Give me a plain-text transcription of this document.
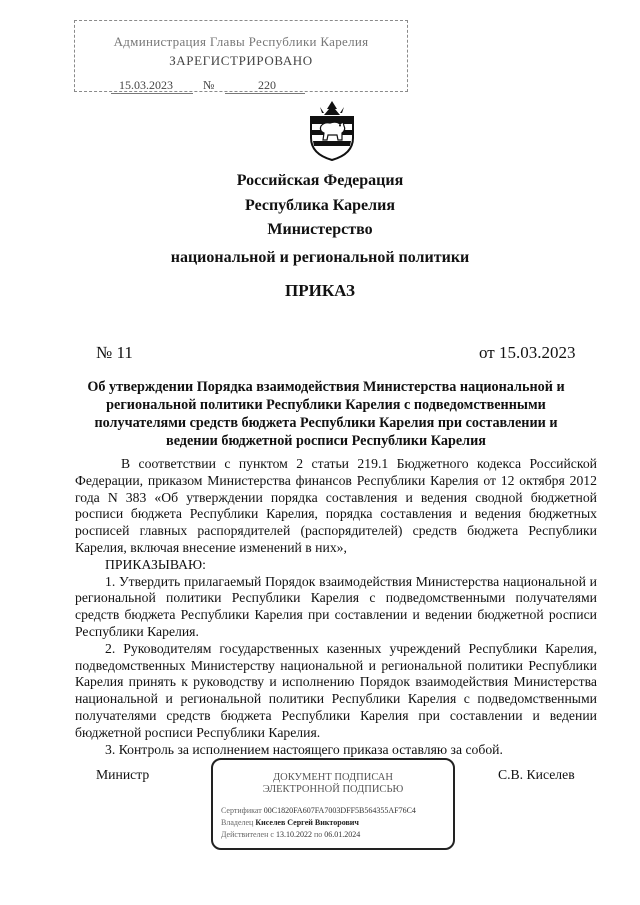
Администрация Главы Республики Карелия
ЗАРЕГИСТРИРОВАНО
15.03.2023	№	220
Российская Федерация
Республика Карелия
Министерство
национальной и региональной политики
ПРИКАЗ
№ 11	от 15.03.2023
Об утверждении Порядка взаимодействия Министерства национальной и региональной политики Республики Карелия с подведомственными получателями средств бюджета Республики Карелия при составлении и ведении бюджетной росписи Республики Карелия

В соответствии с пунктом 2 статьи 219.1 Бюджетного кодекса Российской Федерации, приказом Министерства финансов Республики Карелия от 12 октября 2012 года N 383 «Об утверждении порядка составления и ведения сводной бюджетной росписи бюджета Республики Карелия, порядка составления и ведения бюджетных росписей главных распорядителей (распорядителей) средств бюджета Республики Карелия, включая внесение изменений в них»,

ПРИКАЗЫВАЮ:

1. Утвердить прилагаемый Порядок взаимодействия Министерства национальной и региональной политики Республики Карелия с подведомственными получателями средств бюджета Республики Карелия при составлении и ведении бюджетной росписи Республики Карелия.

2. Руководителям государственных казенных учреждений Республики Карелия, подведомственных Министерству национальной и региональной политики Республики Карелия принять к руководству и исполнению Порядок взаимодействия Министерства национальной и региональной политики Республики Карелия с подведомственными получателями средств бюджета Республики Карелия при составлении и ведении бюджетной росписи Республики Карелия.

3. Контроль за исполнением настоящего приказа оставляю за собой.

Министр	С.В. Киселев
ДОКУМЕНТ ПОДПИСАН
ЭЛЕКТРОННОЙ ПОДПИСЬЮ
Сертификат 00C1820FA607FA7003DFF5B564355AF76C4
Владелец Киселев Сергей Викторович
Действителен с 13.10.2022 по 06.01.2024
